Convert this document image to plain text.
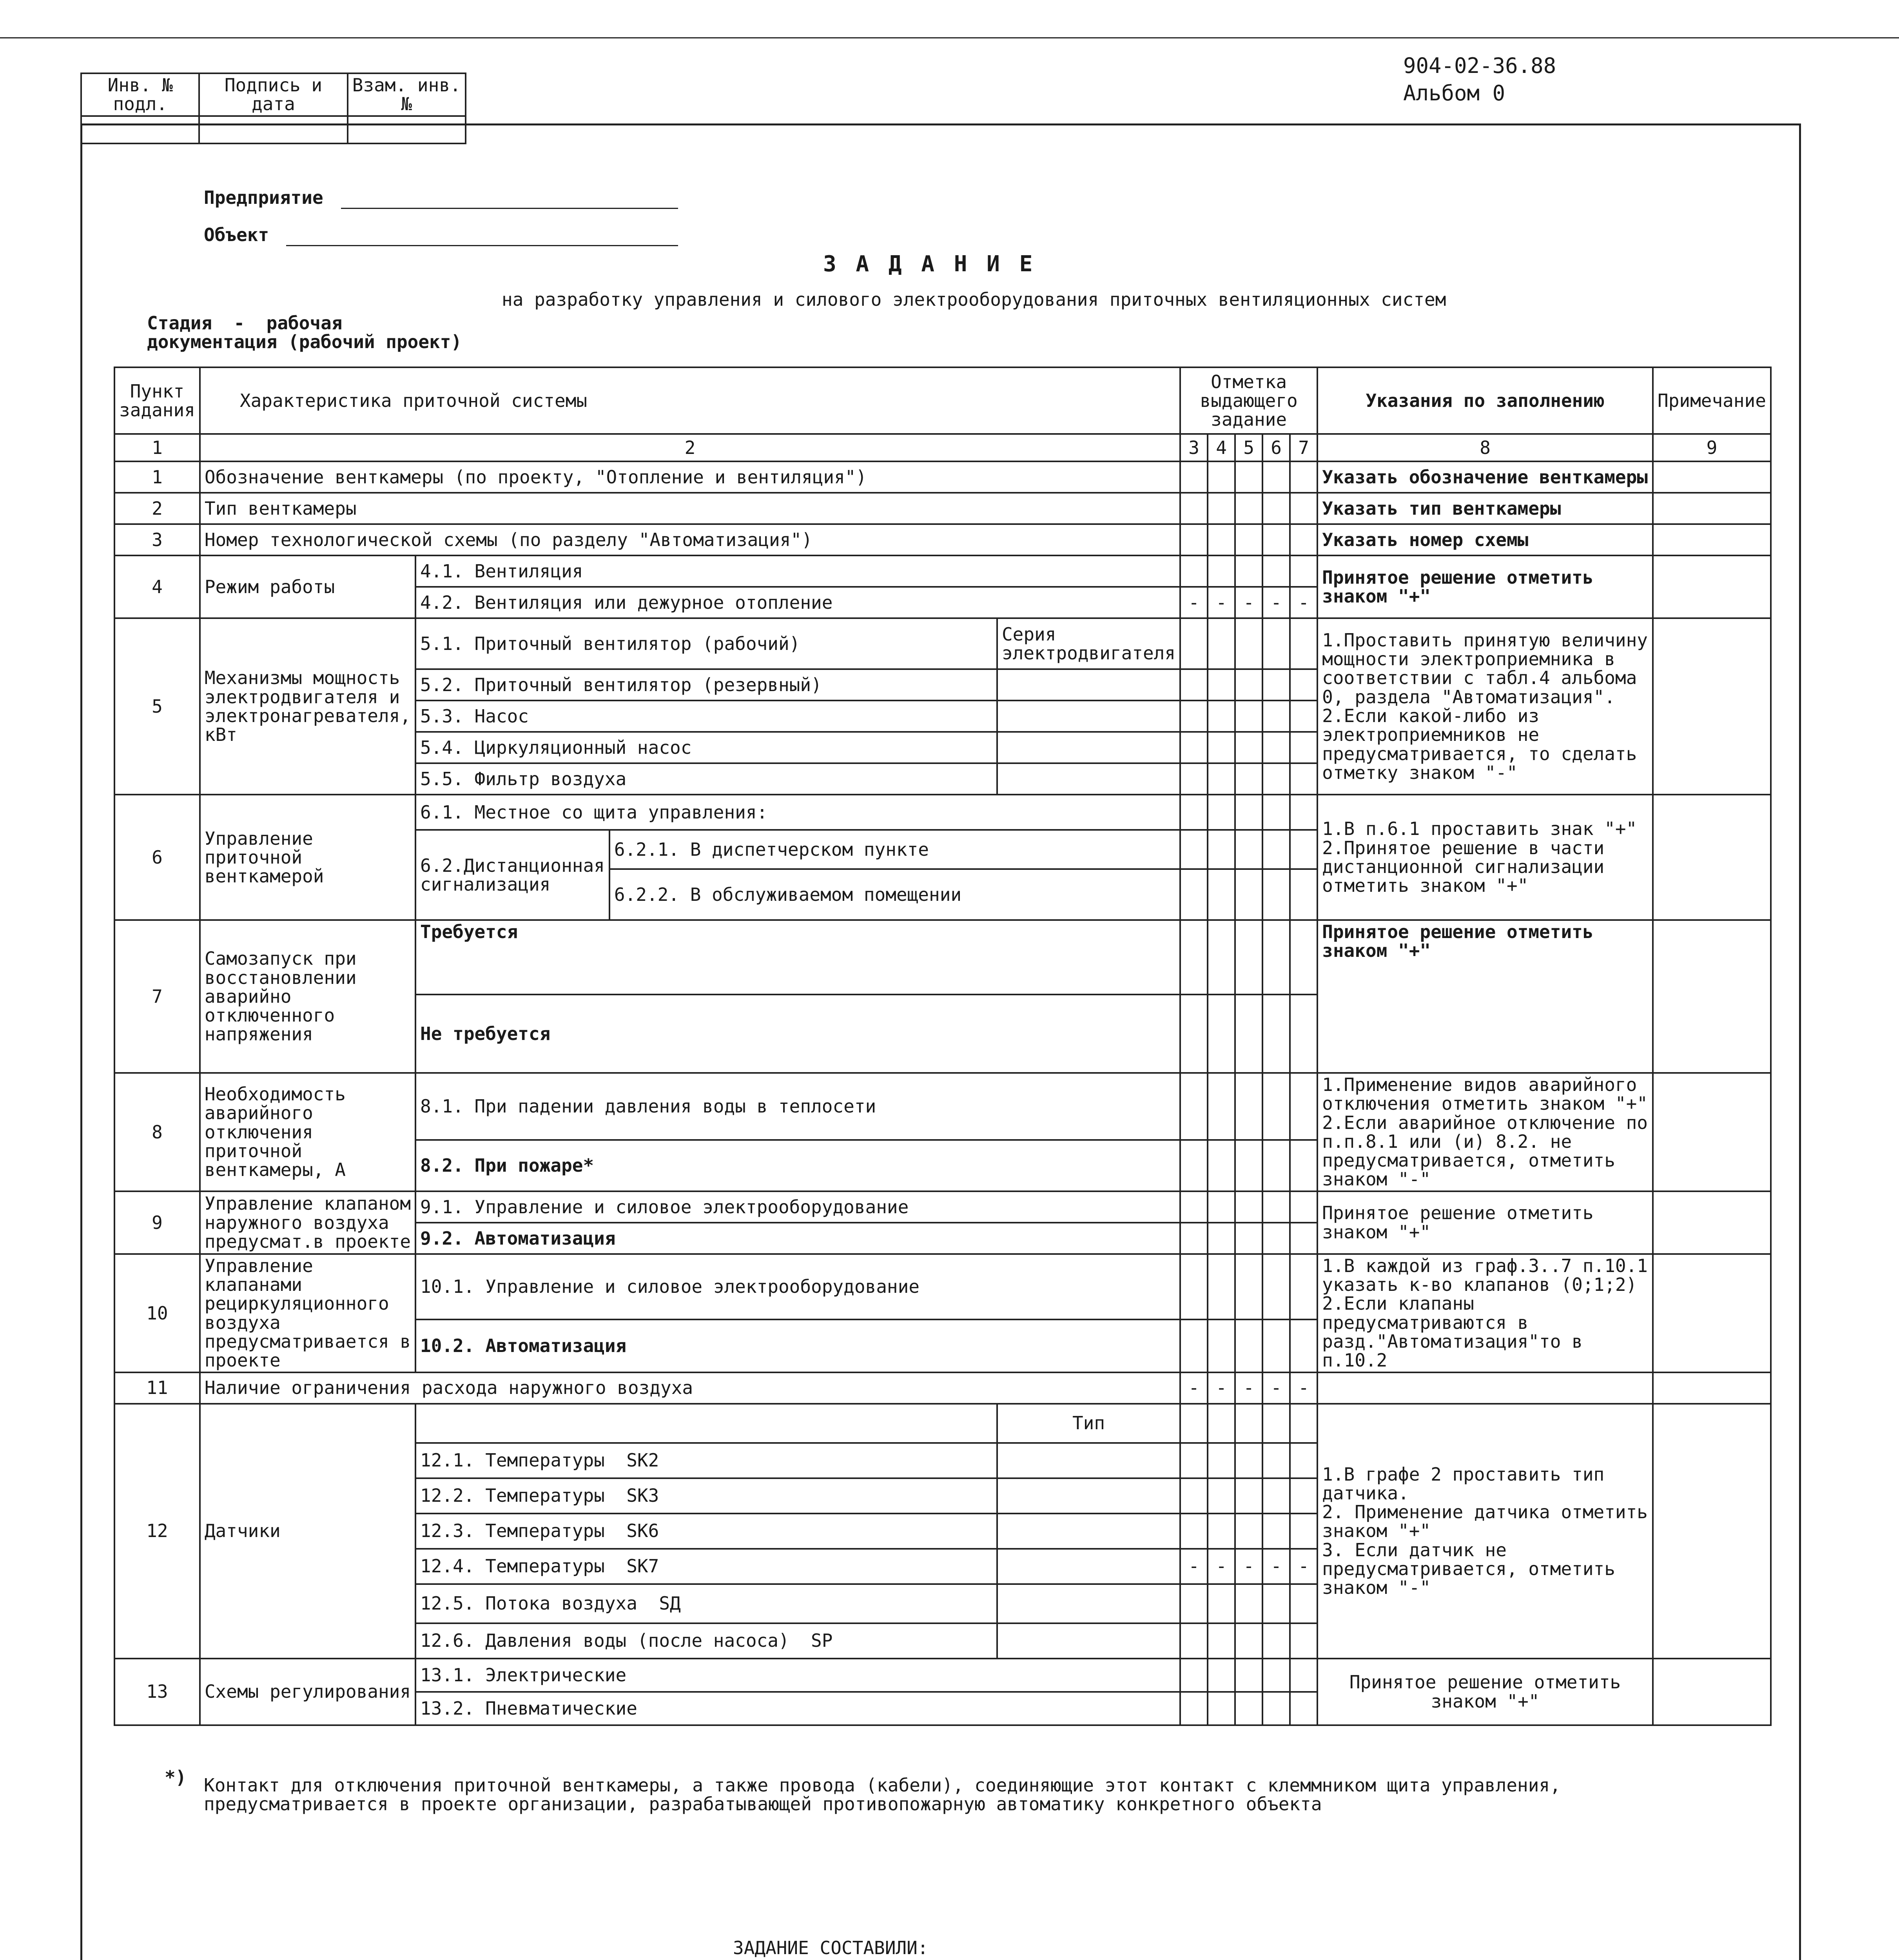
Инв. № подл.	Подпись и дата	Взам. инв. №

904-02-36.88
Альбом 0
Предприятие
Объект
З А Д А Н И Е
на разработку управления и силового электрооборудования приточных вентиляционных систем
Стадия  -  рабочая
документация (рабочий проект)
Пункт задания	Характеристика приточной системы				Отметка выдающего задание					Указания по заполнению	Примечание
1	2				3	4	5	6	7	8	9
1	Обозначение венткамеры (по проекту, "Отопление и вентиляция")									Указать обозначение венткамеры	
2	Тип венткамеры									Указать тип венткамеры	
3	Номер технологической схемы (по разделу "Автоматизация")									Указать номер схемы	
4	Режим работы	4.1. Вентиляция								Принятое решение отметить знаком "+"	
		4.2. Вентиляция или дежурное отопление			-	-	-	-	-		
5	Механизмы мощность электродвигателя и электронагревателя, кВт	5.1. Приточный вентилятор (рабочий)		Серия электродвигателя						1.Проставить принятую величину мощности электроприемника в соответствии с табл.4 альбома 0, раздела "Автоматизация".
2.Если какой-либо из электроприемников не предусматривается, то сделать отметку знаком "-"	
		5.2. Приточный вентилятор (резервный)									
		5.3. Насос									
		5.4. Циркуляционный насос									
		5.5. Фильтр воздуха									
6	Управление приточной венткамерой	6.1. Местное со щита управления:								1.В п.6.1 проставить знак "+"
2.Принятое решение в части дистанционной сигнализации отметить знаком "+"	
		6.2.Дистанционная сигнализация	6.2.1. В диспетчерском пункте								
			6.2.2. В обслуживаемом помещении								
7	Самозапуск при восстановлении аварийно отключенного напряжения	Требуется								Принятое решение отметить знаком "+"	
		Не требуется									
8	Необходимость аварийного отключения приточной венткамеры, А	8.1. При падении давления воды в теплосети								1.Применение видов аварийного отключения отметить знаком "+"
2.Если аварийное отключение по п.п.8.1 или (и) 8.2. не предусматривается, отметить знаком "-"	
		8.2. При пожаре*									
9	Управление клапаном наружного воздуха предусмат.в проекте	9.1. Управление и силовое электрооборудование								Принятое решение отметить знаком "+"	
		9.2. Автоматизация									
10	Управление клапанами рециркуляционного воздуха предусматривается в проекте	10.1. Управление и силовое электрооборудование								1.В каждой из граф.3..7 п.10.1 указать к-во клапанов (0;1;2)
2.Если клапаны предусматриваются в разд."Автоматизация"то в п.10.2	
		10.2. Автоматизация									
11	Наличие ограничения расхода наружного воздуха				-	-	-	-	-		
12	Датчики			Тип						1.В графе 2 проставить тип датчика.
2. Применение датчика отметить знаком "+"
3. Если датчик не предусматривается, отметить знаком "-"	
		12.1. Температуры  SK2									
		12.2. Температуры  SK3									
		12.3. Температуры  SK6									
		12.4. Температуры  SK7			-	-	-	-	-		
		12.5. Потока воздуха  SД									
		12.6. Давления воды (после насоса)  SP									
13	Схемы регулирования	13.1. Электрические								Принятое решение отметить знаком "+"	
		13.2. Пневматические									
*) Контакт для отключения приточной венткамеры, а также провода (кабели), соединяющие этот контакт с клеммником щита управления,
предусматривается в проекте организации, разрабатывающей противопожарную автоматику конкретного объекта
ЗАДАНИЕ СОСТАВИЛИ:
